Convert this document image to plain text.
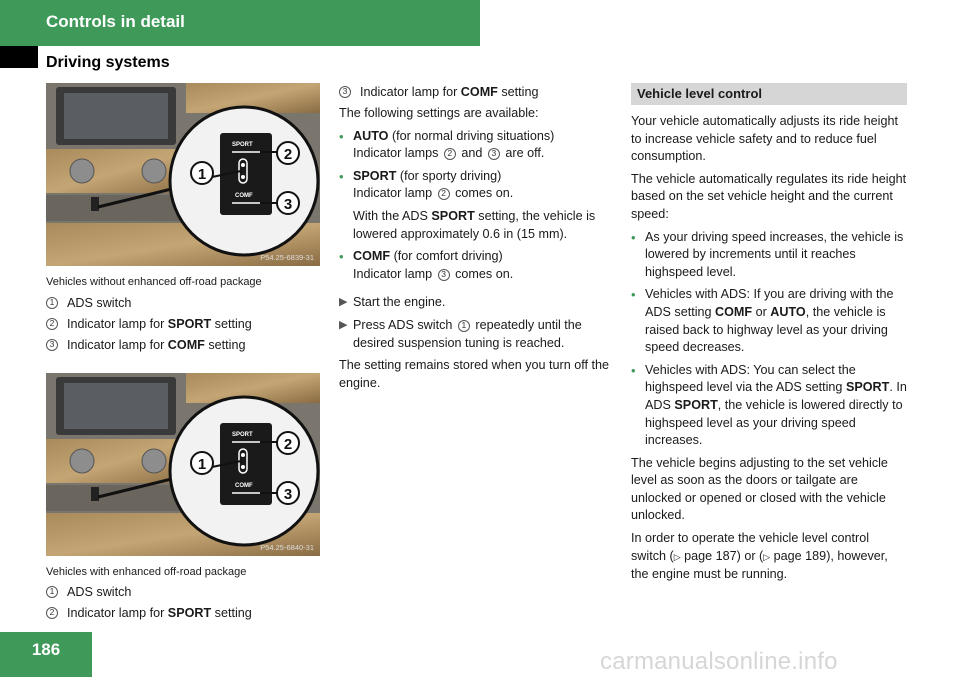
Controls in detail
Driving systems
SPORT
COMF
2
3
1
P54.25-6839-31
Vehicles without enhanced off-road package
1 ADS switch
2 Indicator lamp for SPORT setting
3 Indicator lamp for COMF setting
SPORT
COMF
2
3
1
P54.25-6840-31
Vehicles with enhanced off-road package
1 ADS switch
2 Indicator lamp for SPORT setting
3 Indicator lamp for COMF setting

The following settings are available:

• AUTO (for normal driving situations)
Indicator lamps 2 and 3 are off.
• SPORT (for sporty driving)
Indicator lamp 2 comes on.
With the ADS SPORT setting, the vehicle is lowered approximately 0.6 in (15 mm).
• COMF (for comfort driving)
Indicator lamp 3 comes on.
▶ Start the engine.
▶ Press ADS switch 1 repeatedly until the desired suspension tuning is reached.

The setting remains stored when you turn off the engine.

Vehicle level control

Your vehicle automatically adjusts its ride height to increase vehicle safety and to reduce fuel consumption.

The vehicle automatically regulates its ride height based on the set vehicle height and the current speed:

• As your driving speed increases, the vehicle is lowered by increments until it reaches highspeed level.
• Vehicles with ADS: If you are driving with the ADS setting COMF or AUTO, the vehicle is raised back to highway level as your driving speed decreases.
• Vehicles with ADS: You can select the highspeed level via the ADS setting SPORT. In ADS SPORT, the vehicle is lowered directly to highspeed level as your driving speed increases.

The vehicle begins adjusting to the set vehicle level as soon as the doors or tailgate are unlocked or opened or closed with the vehicle unlocked.

In order to operate the vehicle level control switch (▷ page 187) or (▷ page 189), however, the engine must be running.

186	carmanualsonline.info
